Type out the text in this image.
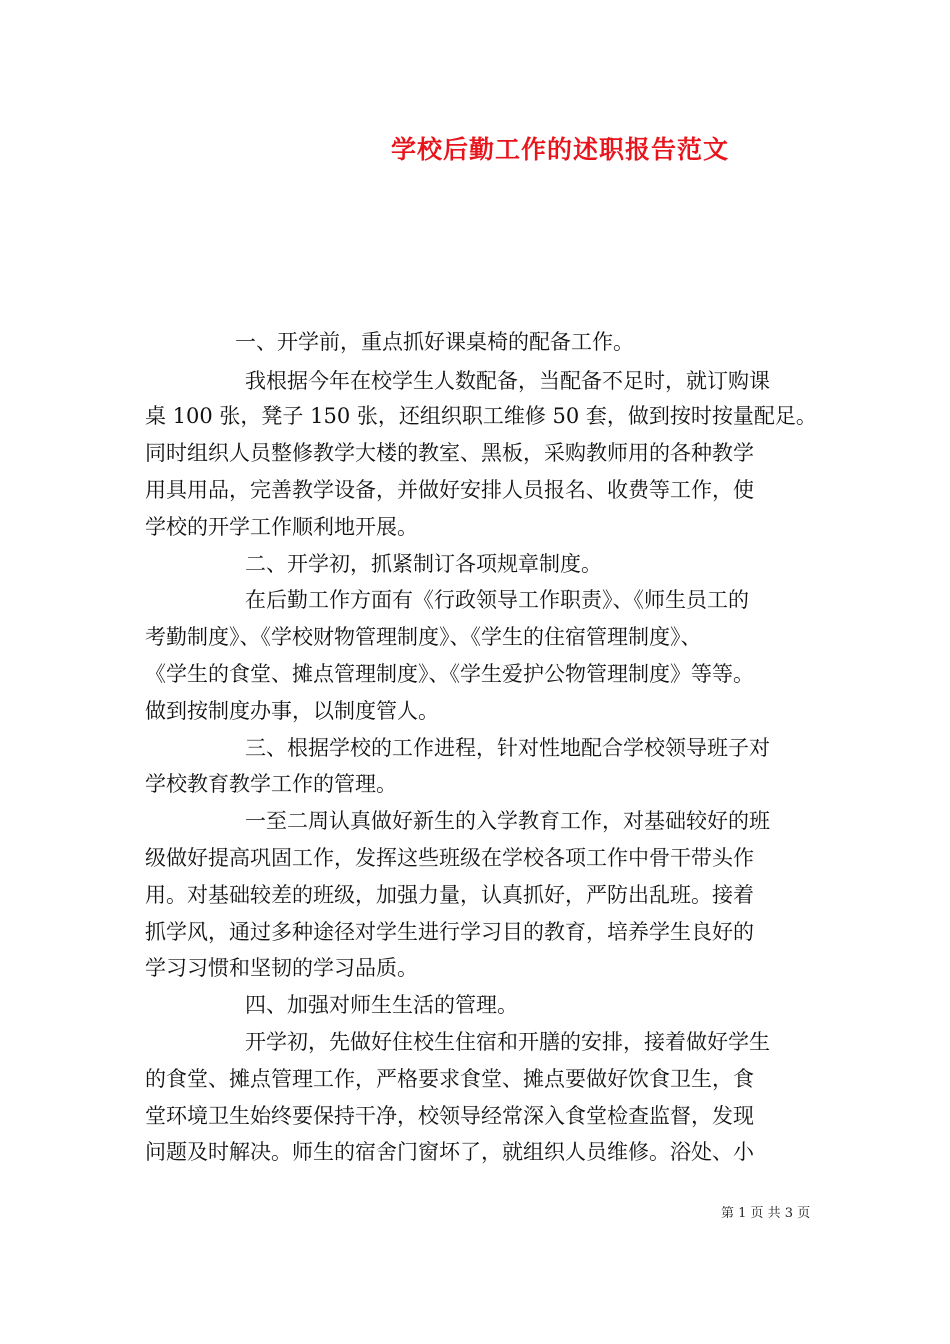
学校后勤工作的述职报告范文
一、开学前，重点抓好课桌椅的配备工作。
我根据今年在校学生人数配备，当配备不足时，就订购课
桌 100 张，凳子 150 张，还组织职工维修 50 套，做到按时按量配足。
同时组织人员整修教学大楼的教室、黑板，采购教师用的各种教学
用具用品，完善教学设备，并做好安排人员报名、收费等工作，使
学校的开学工作顺利地开展。
二、开学初，抓紧制订各项规章制度。
在后勤工作方面有《行政领导工作职责》、《师生员工的
考勤制度》、《学校财物管理制度》、《学生的住宿管理制度》、
《学生的食堂、摊点管理制度》、《学生爱护公物管理制度》等等。
做到按制度办事，以制度管人。
三、根据学校的工作进程，针对性地配合学校领导班子对
学校教育教学工作的管理。
一至二周认真做好新生的入学教育工作，对基础较好的班
级做好提高巩固工作，发挥这些班级在学校各项工作中骨干带头作
用。对基础较差的班级，加强力量，认真抓好，严防出乱班。接着
抓学风，通过多种途径对学生进行学习目的教育，培养学生良好的
学习习惯和坚韧的学习品质。
四、加强对师生生活的管理。
开学初，先做好住校生住宿和开膳的安排，接着做好学生
的食堂、摊点管理工作，严格要求食堂、摊点要做好饮食卫生，食
堂环境卫生始终要保持干净，校领导经常深入食堂检查监督，发现
问题及时解决。师生的宿舍门窗坏了，就组织人员维修。浴处、小
第 1 页 共 3 页
